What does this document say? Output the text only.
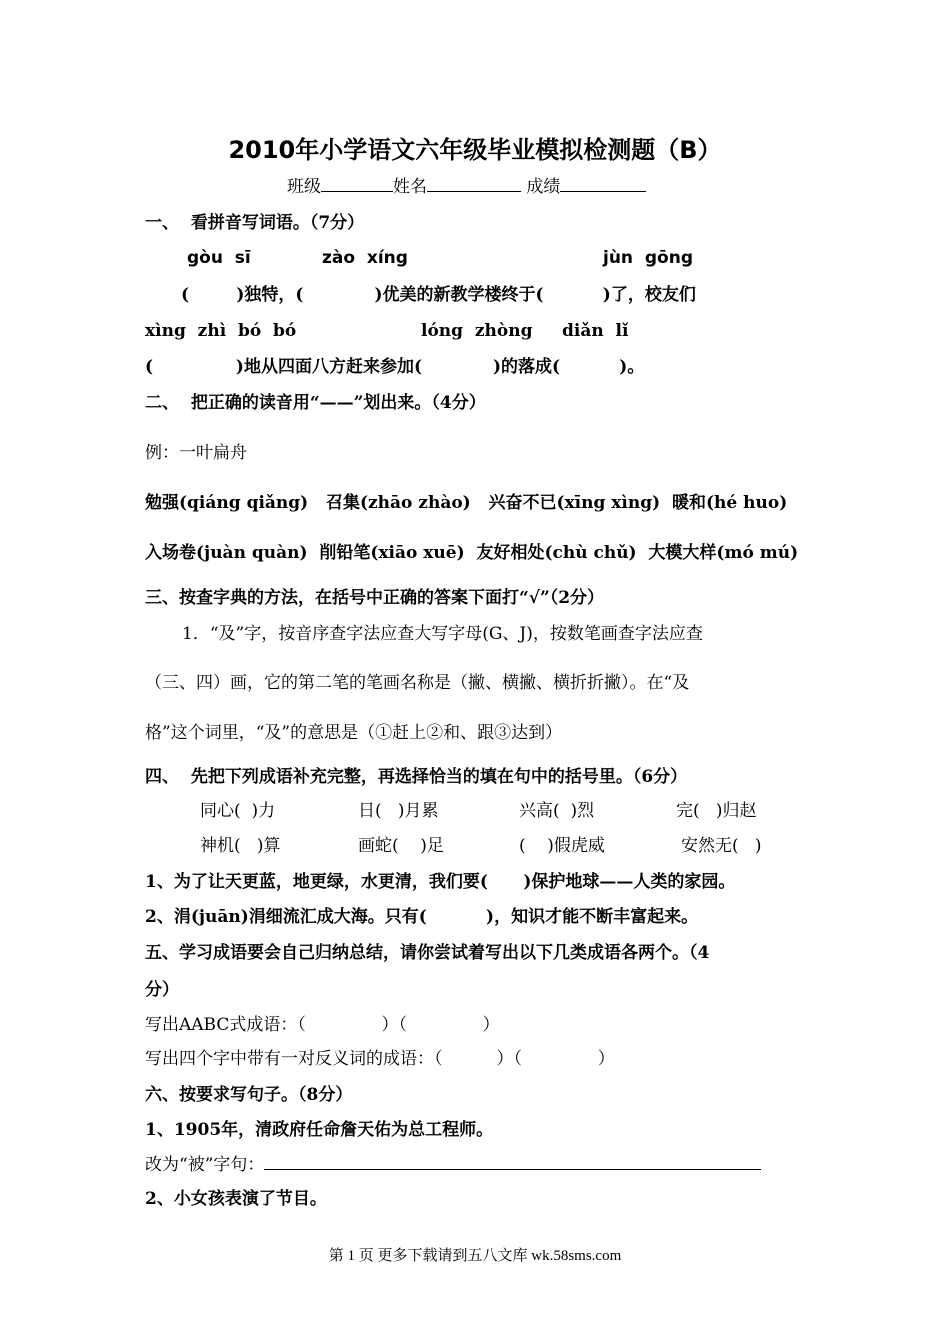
2010年小学语文六年级毕业模拟检测题（B）
班级	姓名	成绩
一、  看拼音写词语。（7分）
gòu  sī	zào  xíng	jùn  gōng
(        )独特，(            )优美的新教学楼终于(          )了，校友们
xìng  zhì  bó  bó	lóng  zhòng diǎn  lǐ
(              )地从四面八方赶来参加(            )的落成(          )。
二、  把正确的读音用“——”划出来。（4分）
例：一叶扁舟
勉强(qiáng qiǎng)   召集(zhāo zhào)   兴奋不已(xīng xìng)  暖和(hé huo)
入场卷(juàn quàn)  削铅笔(xiāo xuē)  友好相处(chù chǔ)  大模大样(mó mú)
三、按查字典的方法，在括号中正确的答案下面打“√”（2分）
1．“及”字，按音序查字法应查大写字母(G、J)，按数笔画查字法应查
（三、四）画，它的第二笔的笔画名称是（撇、横撇、横折折撇）。在“及
格”这个词里，“及”的意思是（①赶上②和、跟③达到）
四、  先把下列成语补充完整，再选择恰当的填在句中的括号里。（6分）
同心(  )力	日(   )月累	兴高(  )烈	完(   )归赵
神机(   )算	画蛇(    )足	(    )假虎威	安然无(   )
1、为了让天更蓝，地更绿，水更清，我们要(      )保护地球——人类的家园。
2、涓(juān)涓细流汇成大海。只有(          )，知识才能不断丰富起来。
五、学习成语要会自己归纳总结，请你尝试着写出以下几类成语各两个。（4
分）
写出AABC式成语：（              ）（              ）
写出四个字中带有一对反义词的成语：（          ）（              ）
六、按要求写句子。（8分）
1、1905年，清政府任命詹天佑为总工程师。
改为“被”字句：
2、小女孩表演了节目。
第 1 页 更多下载请到五八文库 wk.58sms.com
